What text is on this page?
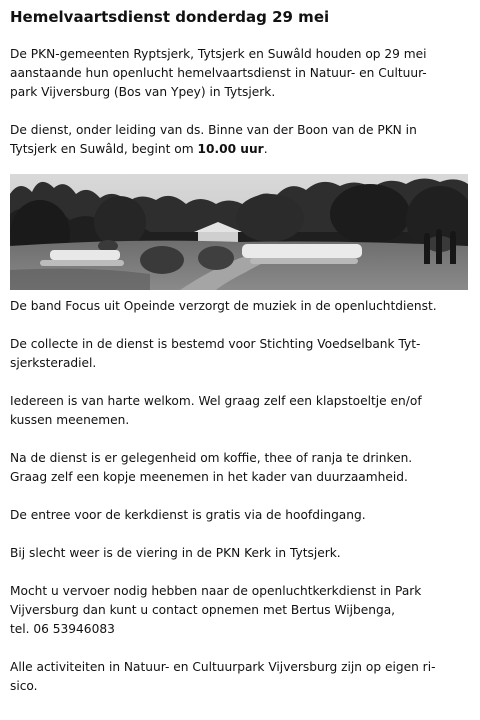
Hemelvaartsdienst donderdag 29 mei

De PKN-gemeenten Ryptsjerk, Tytsjerk en Suwâld houden op 29 mei

aanstaande hun openlucht hemelvaartsdienst in Natuur- en Cultuur-

park Vijversburg (Bos van Ypey) in Tytsjerk.

De dienst, onder leiding van ds. Binne van der Boon van de PKN in

Tytsjerk en Suwâld, begint om 10.00 uur.

De band Focus uit Opeinde verzorgt de muziek in de openluchtdienst.

De collecte in de dienst is bestemd voor Stichting Voedselbank Tyt-

sjerksteradiel.

Iedereen is van harte welkom. Wel graag zelf een klapstoeltje en/of

kussen meenemen.

Na de dienst is er gelegenheid om koffie, thee of ranja te drinken.

Graag zelf een kopje meenemen in het kader van duurzaamheid.

De entree voor de kerkdienst is gratis via de hoofdingang.

Bij slecht weer is de viering in de PKN Kerk in Tytsjerk.

Mocht u vervoer nodig hebben naar de openluchtkerkdienst in Park

Vijversburg dan kunt u contact opnemen met Bertus Wijbenga,

tel. 06 53946083

Alle activiteiten in Natuur- en Cultuurpark Vijversburg zijn op eigen ri-

sico.
